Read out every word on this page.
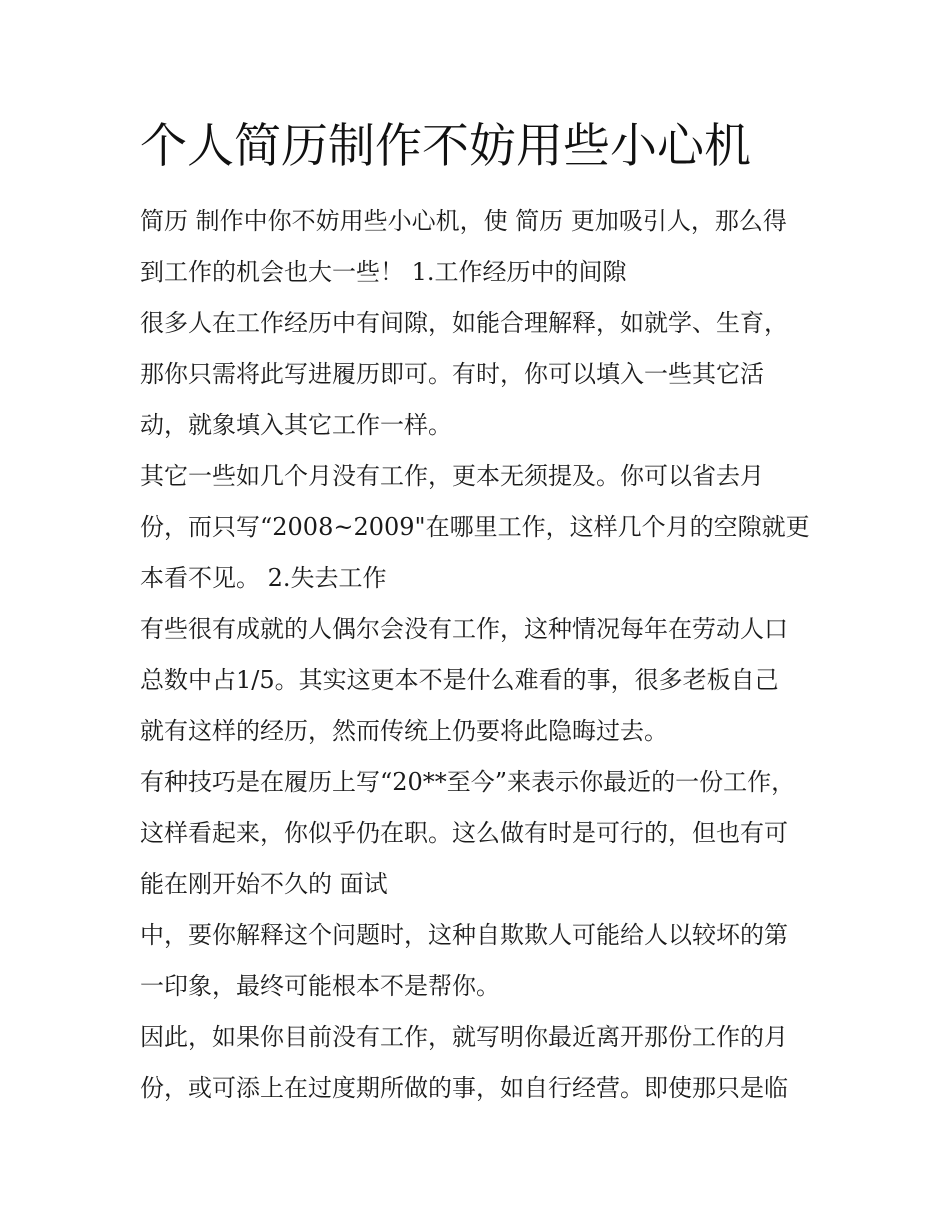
个人简历制作不妨用些小心机

简历 制作中你不妨用些小心机，使 简历 更加吸引人，那么得

到工作的机会也大一些！ 1.工作经历中的间隙

很多人在工作经历中有间隙，如能合理解释，如就学、生育，

那你只需将此写进履历即可。有时，你可以填入一些其它活

动，就象填入其它工作一样。

其它一些如几个月没有工作，更本无须提及。你可以省去月

份，而只写“2008~2009"在哪里工作，这样几个月的空隙就更

本看不见。 2.失去工作

有些很有成就的人偶尔会没有工作，这种情况每年在劳动人口

总数中占1/5。其实这更本不是什么难看的事，很多老板自己

就有这样的经历，然而传统上仍要将此隐晦过去。

有种技巧是在履历上写“20**至今”来表示你最近的一份工作，

这样看起来，你似乎仍在职。这么做有时是可行的，但也有可

能在刚开始不久的 面试

中，要你解释这个问题时，这种自欺欺人可能给人以较坏的第

一印象，最终可能根本不是帮你。

因此，如果你目前没有工作，就写明你最近离开那份工作的月

份，或可添上在过度期所做的事，如自行经营。即使那只是临
